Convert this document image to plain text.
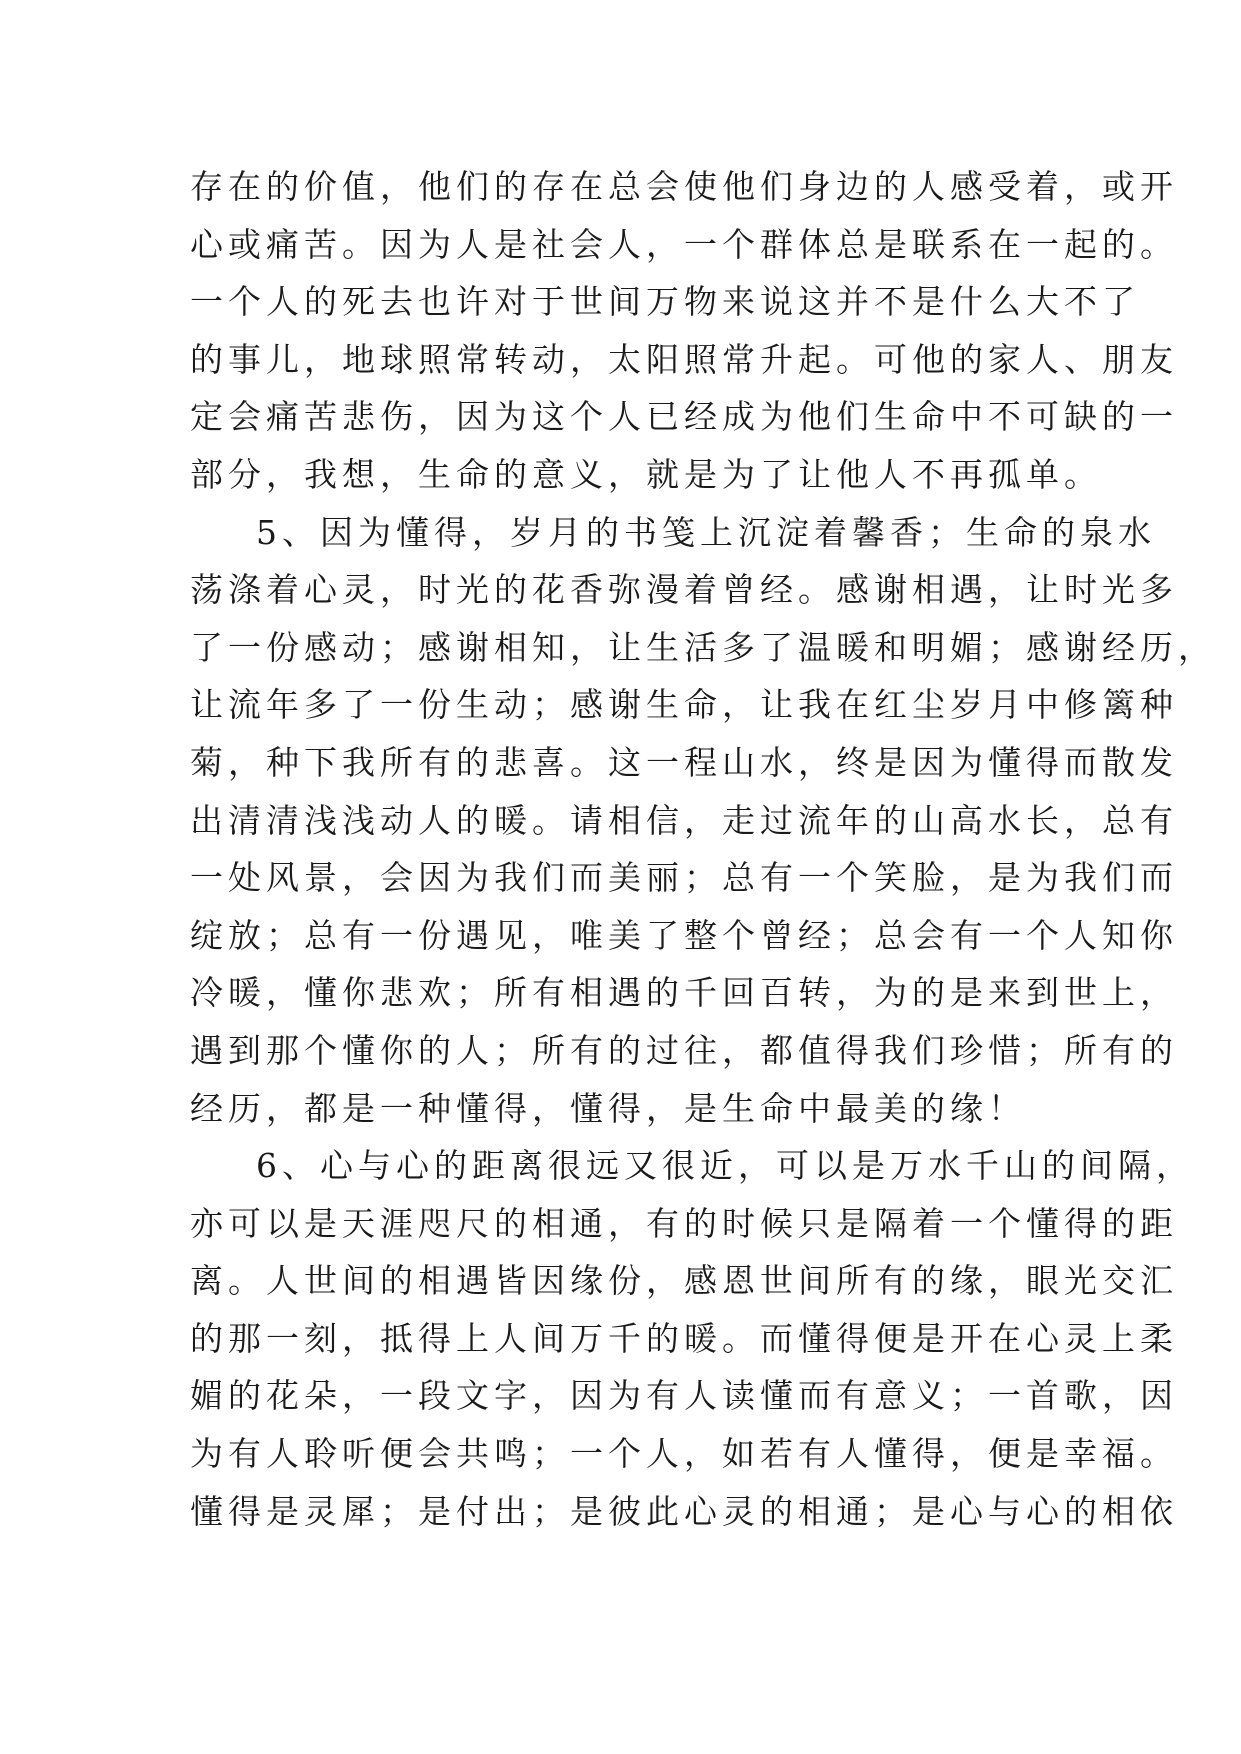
存在的价值，他们的存在总会使他们身边的人感受着，或开
心或痛苦。因为人是社会人，一个群体总是联系在一起的。
一个人的死去也许对于世间万物来说这并不是什么大不了
的事儿，地球照常转动，太阳照常升起。可他的家人、朋友
定会痛苦悲伤，因为这个人已经成为他们生命中不可缺的一
部分，我想，生命的意义，就是为了让他人不再孤单。
5、因为懂得，岁月的书笺上沉淀着馨香；生命的泉水
荡涤着心灵，时光的花香弥漫着曾经。感谢相遇，让时光多
了一份感动；感谢相知，让生活多了温暖和明媚；感谢经历，
让流年多了一份生动；感谢生命，让我在红尘岁月中修篱种
菊，种下我所有的悲喜。这一程山水，终是因为懂得而散发
出清清浅浅动人的暖。请相信，走过流年的山高水长，总有
一处风景，会因为我们而美丽；总有一个笑脸，是为我们而
绽放；总有一份遇见，唯美了整个曾经；总会有一个人知你
冷暖，懂你悲欢；所有相遇的千回百转，为的是来到世上，
遇到那个懂你的人；所有的过往，都值得我们珍惜；所有的
经历，都是一种懂得，懂得，是生命中最美的缘！
6、心与心的距离很远又很近，可以是万水千山的间隔，
亦可以是天涯咫尺的相通，有的时候只是隔着一个懂得的距
离。人世间的相遇皆因缘份，感恩世间所有的缘，眼光交汇
的那一刻，抵得上人间万千的暖。而懂得便是开在心灵上柔
媚的花朵，一段文字，因为有人读懂而有意义；一首歌，因
为有人聆听便会共鸣；一个人，如若有人懂得，便是幸福。
懂得是灵犀；是付出；是彼此心灵的相通；是心与心的相依
